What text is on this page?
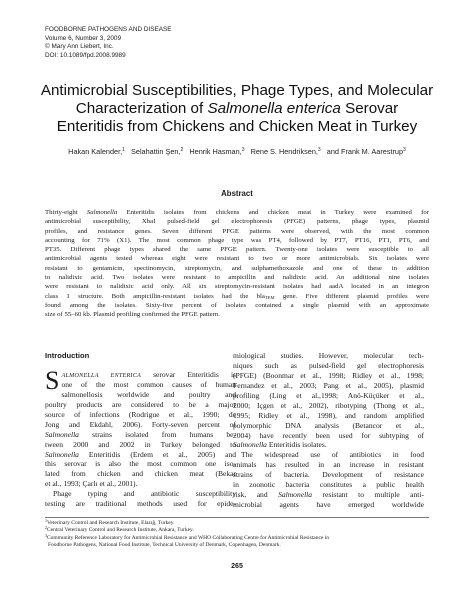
FOODBORNE PATHOGENS AND DISEASE
Volume 6, Number 3, 2009
© Mary Ann Liebert, Inc.
DOI: 10.1089/fpd.2008.9989
Antimicrobial Susceptibilities, Phage Types, and Molecular
Characterization of Salmonella enterica Serovar
Enteritidis from Chickens and Chicken Meat in Turkey
Hakan Kalender,$^1$ Selahattin Şen,$^2$ Henrik Hasman,$^3$ Rene S. Hendriksen,$^3$ and Frank M. Aarestrup$^3$
Abstract
Thirty-eight Salmonella Enteritidis isolates from chickens and chicken meat in Turkey were examined for
antimicrobial susceptibility, XbaI pulsed-field gel electrophoresis (PFGE) patterns, phage types, plasmid
profiles, and resistance genes. Seven different PFGE patterns were observed, with the most common
accounting for 71% (X1). The most common phage type was PT4, followed by PT7, PT16, PT1, PT6, and
PT35. Different phage types shared the same PFGE pattern. Twenty-one isolates were susceptible to all
antimicrobial agents tested whereas eight were resistant to two or more antimicrobials. Six isolates were
resistant to gentamicin, spectinomycin, streptomycin, and sulphamethoxazole and one of these in addition
to nalidixic acid. Two isolates were resistant to ampicillin and nalidixic acid. An additional nine isolates
were resistant to nalidixic acid only. All six streptomycin-resistant isolates had aadA located in an integron
class 1 structure. Both ampicillin-resistant isolates had the bla$_{TEM}$ gene. Five different plasmid profiles were
found among the isolates. Sixty-five percent of isolates contained a single plasmid with an approximate
size of 55–60 kb. Plasmid profiling confirmed the PFGE pattern.
Introduction
S ALMONELLA ENTERICA serovar Enteritidis is
one of the most common causes of human
salmonellosis worldwide and poultry and
poultry products are considered to be a major
source of infections (Rodrigue et al., 1990; de
Jong and Ekdahl, 2006). Forty-seven percent of
Salmonella strains isolated from humans be-
tween 2000 and 2002 in Turkey belonged to
Salmonella Enteritidis (Erdem et al., 2005) and
this serovar is also the most common one iso-
lated from chicken and chicken meat (Bekar
et al., 1993; Çarlı et al., 2001).
Phage typing and antibiotic susceptibility
testing are traditional methods used for epide-
miological studies. However, molecular tech-
niques such as pulsed-field gel electrophoresis
(PFGE) (Boonmar et al., 1998; Ridley et al., 1998;
Fernandez et al., 2003; Pang et al., 2005), plasmid
profiling (Ling et al.,1998; Anö-Küçüker et al.,
2000; Içgen et al., 2002), ribotyping (Thong et al.,
1995; Ridley et al., 1998), and random amplified
polymorphic DNA analysis (Betancor et al.,
2004) have recently been used for subtyping of
Salmonella Enteritidis isolates.
The widespread use of antibiotics in food
animals has resulted in an increase in resistant
strains of bacteria. Development of resistance
in zoonotic bacteria constitutes a public health
risk, and Salmonella resistant to multiple anti-
microbial agents have emerged worldwide
$^1$Veterinary Control and Research Institute, Elazığ, Turkey.
$^2$Central Veterinary Control and Research Institute, Ankara, Turkey.
$^3$Community Reference Laboratory for Antimicrobial Resistance and WHO Collaborating Centre for Antimicrobial Resistance in
Foodborne Pathogens, National Food Institute, Technical University of Denmark, Copenhagen, Denmark.
265
